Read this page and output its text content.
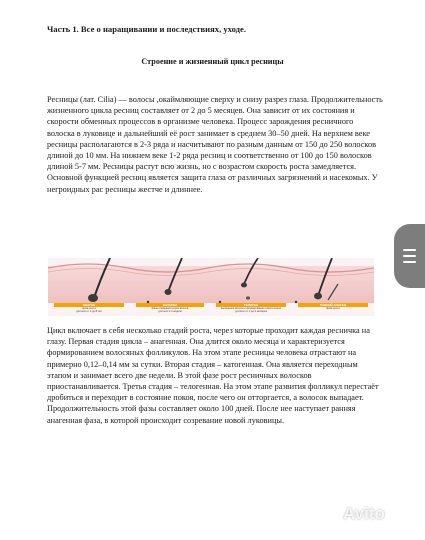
Часть 1. Все о наращивании и последствиях, уходе.
Строение и жизненный цикл ресницы

Ресницы (лат. Cilia) — волосы ,окаймляющие сверху и снизу разрез глаза. Продолжительность жизненного цикла ресниц составляет от 2 до 5 месяцев. Она зависит от их состояния и скорости обменных процессов в организме человека. Процесс зарождения ресничного волоска в луковице и дальнейший её рост занимает в среднем 30–50 дней. На верхнем веке ресницы располагаются в 2-3 ряда и насчитывают по разным данным от 150 до 250 волосков длиной до 10 мм. На нижнем веке 1-2 ряда ресниц и соответственно от 100 до 150 волосков длиной 5-7 мм. Ресницы растут всю жизнь, но с возрастом скорость роста замедляется. Основной функцией ресниц является защита глаза от различных загрязнений и насекомых. У негроидных рас ресницы жестче и длиннее.

АНАГЕН
фаза роста
длиться от 2 до 8 лет
КАТАГЕН
фаза отмирания корня волоса
длиться 2-3 недели
ТЕЛОГЕН
выпадение волоса и формирование нового корня
длиться от 1 до 4 месяцев
РАННИЙ АНАГЕН
фаза роста

Цикл включает в себя несколько стадий роста, через которые проходит каждая ресничка на глазу. Первая стадия цикла – анагенная. Она длится около месяца и характеризуется формированием волосяных фолликулов. На этом этапе ресницы человека отрастают на примерно 0,12–0,14 мм за сутки. Вторая стадия – катогенная. Она является переходным этапом и занимает всего две недели. В этой фазе рост ресничных волосков приостанавливается. Третья стадия – телогенная. На этом этапе развития фолликул перестаёт дробиться и переходит в состояние покоя, после чего он отторгается, а волосок выпадает. Продолжительность этой фазы составляет около 100 дней. После нее наступает ранняя анагенная фаза, в которой происходит созревание новой луковицы.

Avito
